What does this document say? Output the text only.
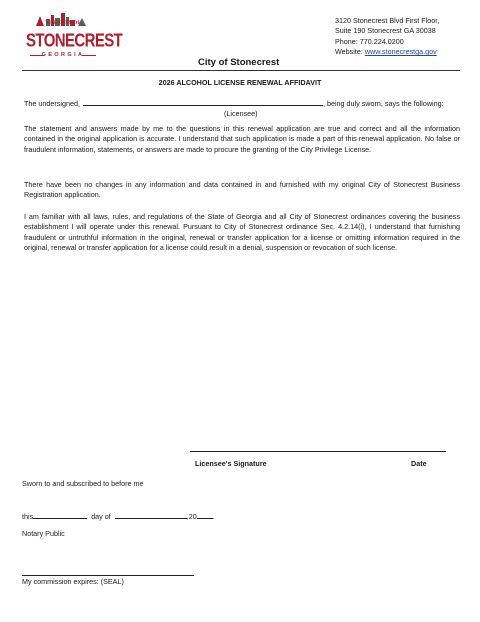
THE CITY OF
STONECREST
GEORGIA
3120 Stonecrest Blvd First Floor,
Suite 190 Stonecrest GA 30038
Phone: 770.224.0200
Website: www.stonecrestga.gov
City of Stonecrest
2026 ALCOHOL LICENSE RENEWAL AFFIDAVIT
The undersigned,	, being duly sworn, says the following:
(Licensee)
The statement and answers made by me to the questions in this renewal application are true and correct and all the information contained in the original application is accurate. I understand that such application is made a part of this renewal application. No false or fraudulent information, statements, or answers are made to procure the granting of the City Privilege License.
There have been no changes in any information and data contained in and furnished with my original City of Stonecrest Business Registration application.
I am familiar with all laws, rules, and regulations of the State of Georgia and all City of Stonecrest ordinances covering the business establishment I will operate under this renewal. Pursuant to City of Stonecrest ordinance Sec. 4.2.14(i), I understand that furnishing fraudulent or untruthful information in the original, renewal or transfer application for a license or omitting information required in the original, renewal or transfer application for a license could result in a denial, suspension or revocation of such license.
Licensee's Signature	Date
Sworn to and subscribed to before me
this	day of	,20 .
Notary Public
My commission expires: (SEAL)
